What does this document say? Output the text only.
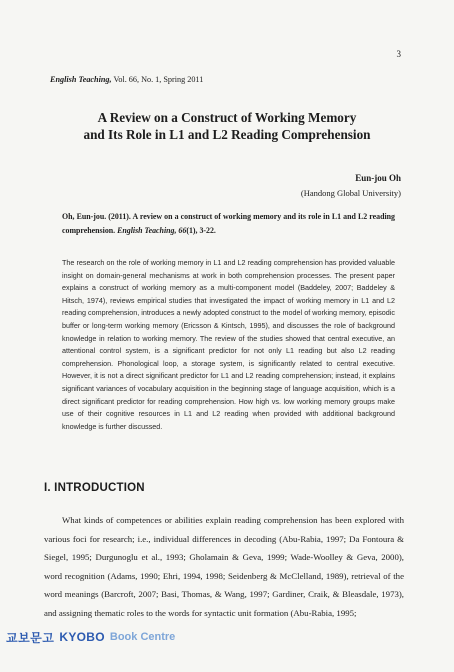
3
English Teaching, Vol. 66, No. 1, Spring 2011
A Review on a Construct of Working Memory
and Its Role in L1 and L2 Reading Comprehension
Eun-jou Oh
(Handong Global University)
Oh, Eun-jou. (2011). A review on a construct of working memory and its role in L1 and L2 reading comprehension. English Teaching, 66(1), 3-22.
The research on the role of working memory in L1 and L2 reading comprehension has provided valuable insight on domain-general mechanisms at work in both comprehension processes. The present paper explains a construct of working memory as a multi-component model (Baddeley, 2007; Baddeley & Hitsch, 1974), reviews empirical studies that investigated the impact of working memory in L1 and L2 reading comprehension, introduces a newly adopted construct to the model of working memory, episodic buffer or long-term working memory (Ericsson & Kintsch, 1995), and discusses the role of background knowledge in relation to working memory. The review of the studies showed that central executive, an attentional control system, is a significant predictor for not only L1 reading but also L2 reading comprehension. Phonological loop, a storage system, is significantly related to central executive. However, it is not a direct significant predictor for L1 and L2 reading comprehension; instead, it explains significant variances of vocabulary acquisition in the beginning stage of language acquisition, which is a direct significant predictor for reading comprehension. How high vs. low working memory groups make use of their cognitive resources in L1 and L2 reading when provided with additional background knowledge is further discussed.
I. INTRODUCTION
What kinds of competences or abilities explain reading comprehension has been explored with various foci for research; i.e., individual differences in decoding (Abu-Rabia, 1997; Da Fontoura & Siegel, 1995; Durgunoglu et al., 1993; Gholamain & Geva, 1999; Wade-Woolley & Geva, 2000), word recognition (Adams, 1990; Ehri, 1994, 1998; Seidenberg & McClelland, 1989), retrieval of the word meanings (Barcroft, 2007; Basi, Thomas, & Wang, 1997; Gardiner, Craik, & Bleasdale, 1973), and assigning thematic roles to the words for syntactic unit formation (Abu-Rabia, 1995;
교보문고 KYOBO Book Centre
